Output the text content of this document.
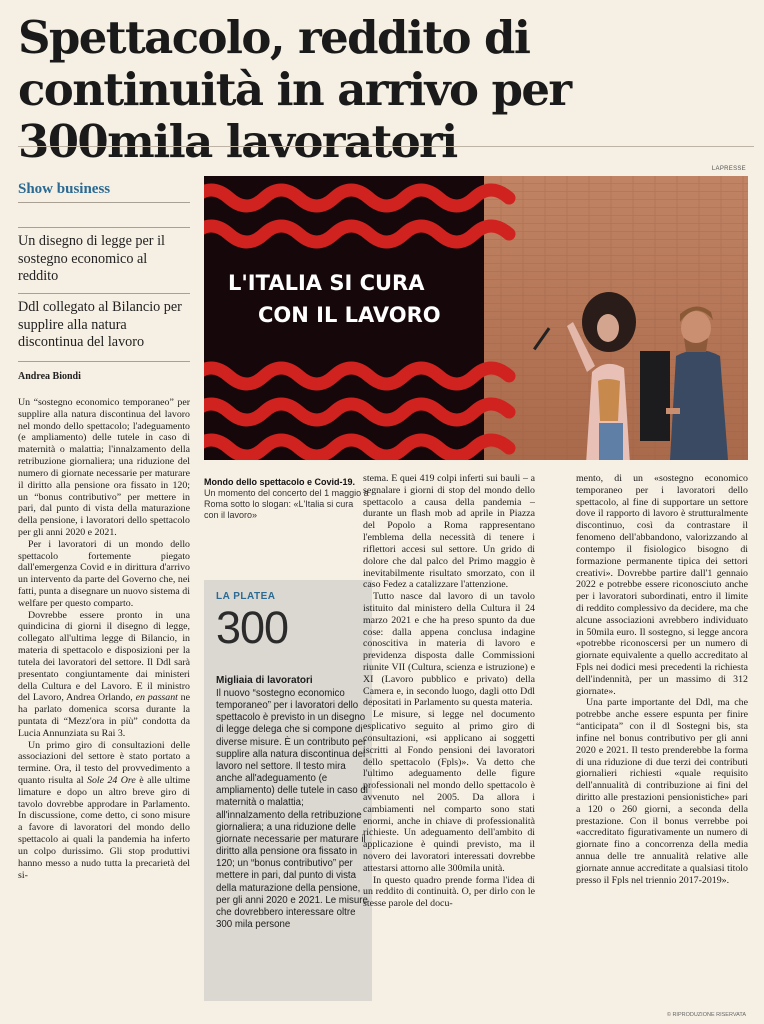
Spettacolo, reddito di continuità in arrivo per 300mila lavoratori
Show business
Un disegno di legge per il sostegno economico al reddito
Ddl collegato al Bilancio per supplire alla natura discontinua del lavoro
Andrea Biondi

Un “sostegno economico temporaneo” per supplire alla natura discontinua del lavoro nel mondo dello spettacolo; l'adeguamento (e ampliamento) delle tutele in caso di maternità o malattia; l'innalzamento della retribuzione giornaliera; una riduzione del numero di giornate necessarie per maturare il diritto alla pensione ora fissato in 120; un “bonus contributivo” per mettere in pari, dal punto di vista della maturazione della pensione, i lavoratori dello spettacolo per gli anni 2020 e 2021.

Per i lavoratori di un mondo dello spettacolo fortemente piegato dall'emergenza Covid e in dirittura d'arrivo un intervento da parte del Governo che, nei fatti, punta a disegnare un nuovo sistema di welfare per questo comparto.

Dovrebbe essere pronto in una quindicina di giorni il disegno di legge, collegato all'ultima legge di Bilancio, in materia di spettacolo e disposizioni per la tutela dei lavoratori del settore. Il Ddl sarà presentato congiuntamente dai ministeri della Cultura e del Lavoro. E il ministro del Lavoro, Andrea Orlando, en passant ne ha parlato domenica scorsa durante la puntata di “Mezz'ora in più” condotta da Lucia Annunziata su Rai 3.

Un primo giro di consultazioni delle associazioni del settore è stato portato a termine. Ora, il testo del provvedimento a quanto risulta al Sole 24 Ore è alle ultime limature e dopo un altro breve giro di tavolo dovrebbe approdare in Parlamento. In discussione, come detto, ci sono misure a favore di lavoratori del mondo dello spettacolo ai quali la pandemia ha inferto un colpo durissimo. Gli stop produttivi hanno messo a nudo tutta la precarietà del si-

LAPRESSE
L'ITALIA SI CURA
CON IL LAVORO
Mondo dello spettacolo e Covid-19.
Un momento del concerto del 1 maggio a Roma sotto lo slogan: «L'Italia si cura con il lavoro»
LA PLATEA
300
Migliaia di lavoratori
Il nuovo “sostegno economico temporaneo” per i lavoratori dello spettacolo è previsto in un disegno di legge delega che si compone di diverse misure. È un contributo per supplire alla natura discontinua del lavoro nel settore. Il testo mira anche all'adeguamento (e ampliamento) delle tutele in caso di maternità o malattia; all'innalzamento della retribuzione giornaliera; a una riduzione delle giornate necessarie per maturare il diritto alla pensione ora fissato in 120; un “bonus contributivo” per mettere in pari, dal punto di vista della maturazione della pensione, per gli anni 2020 e 2021. Le misure che dovrebbero interessare oltre 300 mila persone

stema. E quei 419 colpi inferti sui bauli – a segnalare i giorni di stop del mondo dello spettacolo a causa della pandemia – durante un flash mob ad aprile in Piazza del Popolo a Roma rappresentano l'emblema della necessità di tenere i riflettori accesi sul settore. Un grido di dolore che dal palco del Primo maggio è inevitabilmente risultato smorzato, con il caso Fedez a catalizzare l'attenzione.

Tutto nasce dal lavoro di un tavolo istituito dal ministero della Cultura il 24 marzo 2021 e che ha preso spunto da due cose: dalla appena conclusa indagine conoscitiva in materia di lavoro e previdenza disposta dalle Commissioni riunite VII (Cultura, scienza e istruzione) e XI (Lavoro pubblico e privato) della Camera e, in secondo luogo, dagli otto Ddl depositati in Parlamento su questa materia.

Le misure, si legge nel documento esplicativo seguito al primo giro di consultazioni, «si applicano ai soggetti iscritti al Fondo pensioni dei lavoratori dello spettacolo (Fpls)». Va detto che l'ultimo adeguamento delle figure professionali nel mondo dello spettacolo è avvenuto nel 2005. Da allora i cambiamenti nel comparto sono stati enormi, anche in chiave di professionalità richieste. Un adeguamento dell'ambito di applicazione è quindi previsto, ma il novero dei lavoratori interessati dovrebbe attestarsi attorno alle 300mila unità.

In questo quadro prende forma l'idea di un reddito di continuità. O, per dirlo con le stesse parole del docu-

mento, di un «sostegno economico temporaneo per i lavoratori dello spettacolo, al fine di supportare un settore dove il rapporto di lavoro è strutturalmente discontinuo, così da contrastare il fenomeno dell'abbandono, valorizzando al contempo il fisiologico bisogno di formazione permanente tipica dei settori creativi». Dovrebbe partire dall'1 gennaio 2022 e potrebbe essere riconosciuto anche per i lavoratori subordinati, entro il limite di reddito complessivo da decidere, ma che alcune associazioni avrebbero individuato in 50mila euro. Il sostegno, si legge ancora «potrebbe riconoscersi per un numero di giornate equivalente a quello accreditato al Fpls nei dodici mesi precedenti la richiesta dell'indennità, per un massimo di 312 giornate».

Una parte importante del Ddl, ma che potrebbe anche essere espunta per finire “anticipata” con il dl Sostegni bis, sta infine nel bonus contributivo per gli anni 2020 e 2021. Il testo prenderebbe la forma di una riduzione di due terzi dei contributi giornalieri richiesti «quale requisito dell'annualità di contribuzione ai fini del diritto alle prestazioni pensionistiche» pari a 120 o 260 giorni, a seconda della prestazione. Con il bonus verrebbe poi «accreditato figurativamente un numero di giornate fino a concorrenza della media annua delle tre annualità relative alle giornate annue accreditate a qualsiasi titolo presso il Fpls nel triennio 2017-2019».

© RIPRODUZIONE RISERVATA
